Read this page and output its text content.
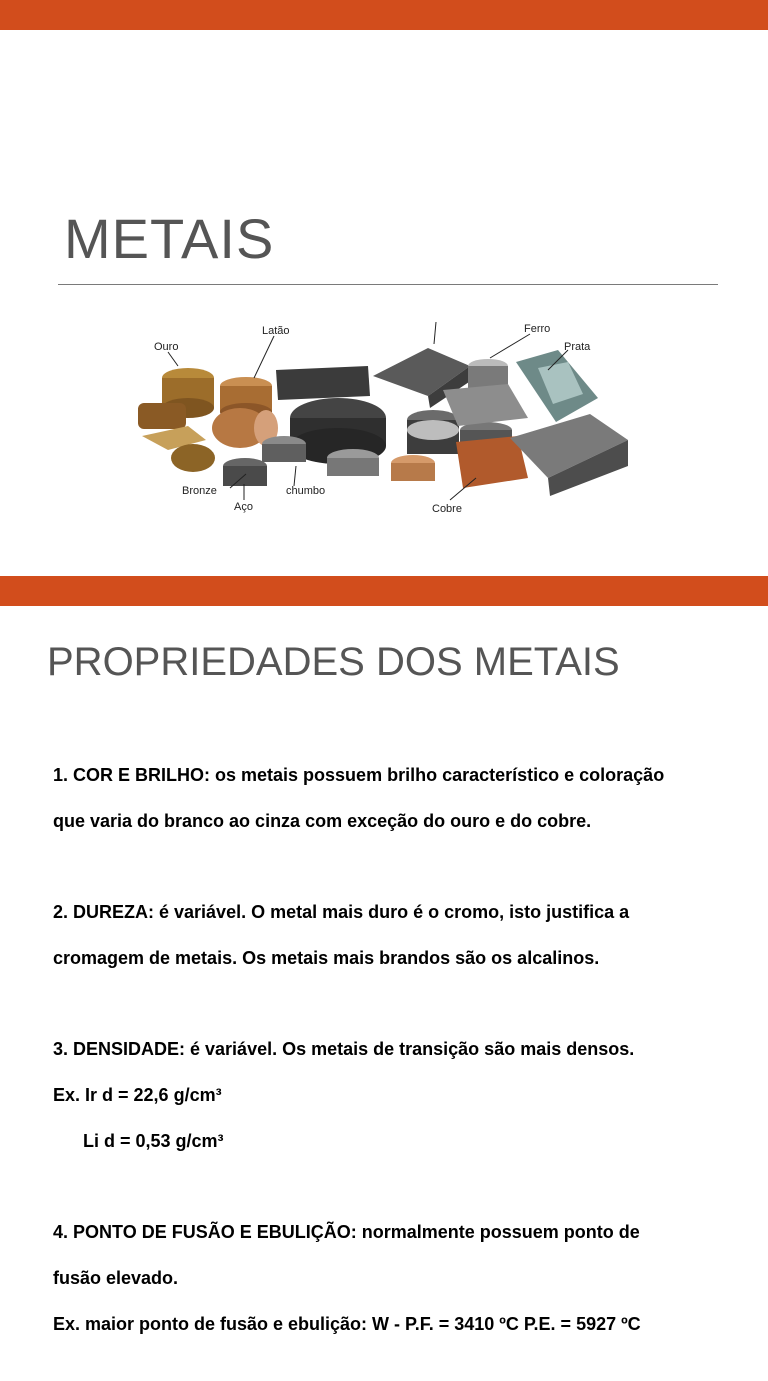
METAIS
Ouro
Latão	Ferro
Prata
Bronze
Aço
chumbo
Cobre
PROPRIEDADES DOS METAIS

1. COR E BRILHO: os metais possuem brilho característico e coloração

que varia do branco ao cinza com exceção do ouro e do cobre.

2. DUREZA: é variável. O metal mais duro é o cromo, isto justifica a

cromagem de metais. Os metais mais brandos são os alcalinos.

3. DENSIDADE: é variável. Os metais de transição são mais densos.

Ex. Ir d = 22,6 g/cm³

Li d = 0,53 g/cm³

4. PONTO DE FUSÃO E EBULIÇÃO: normalmente possuem ponto de

fusão elevado.

Ex. maior ponto de fusão e ebulição: W - P.F. = 3410 ºC P.E. = 5927 ºC
